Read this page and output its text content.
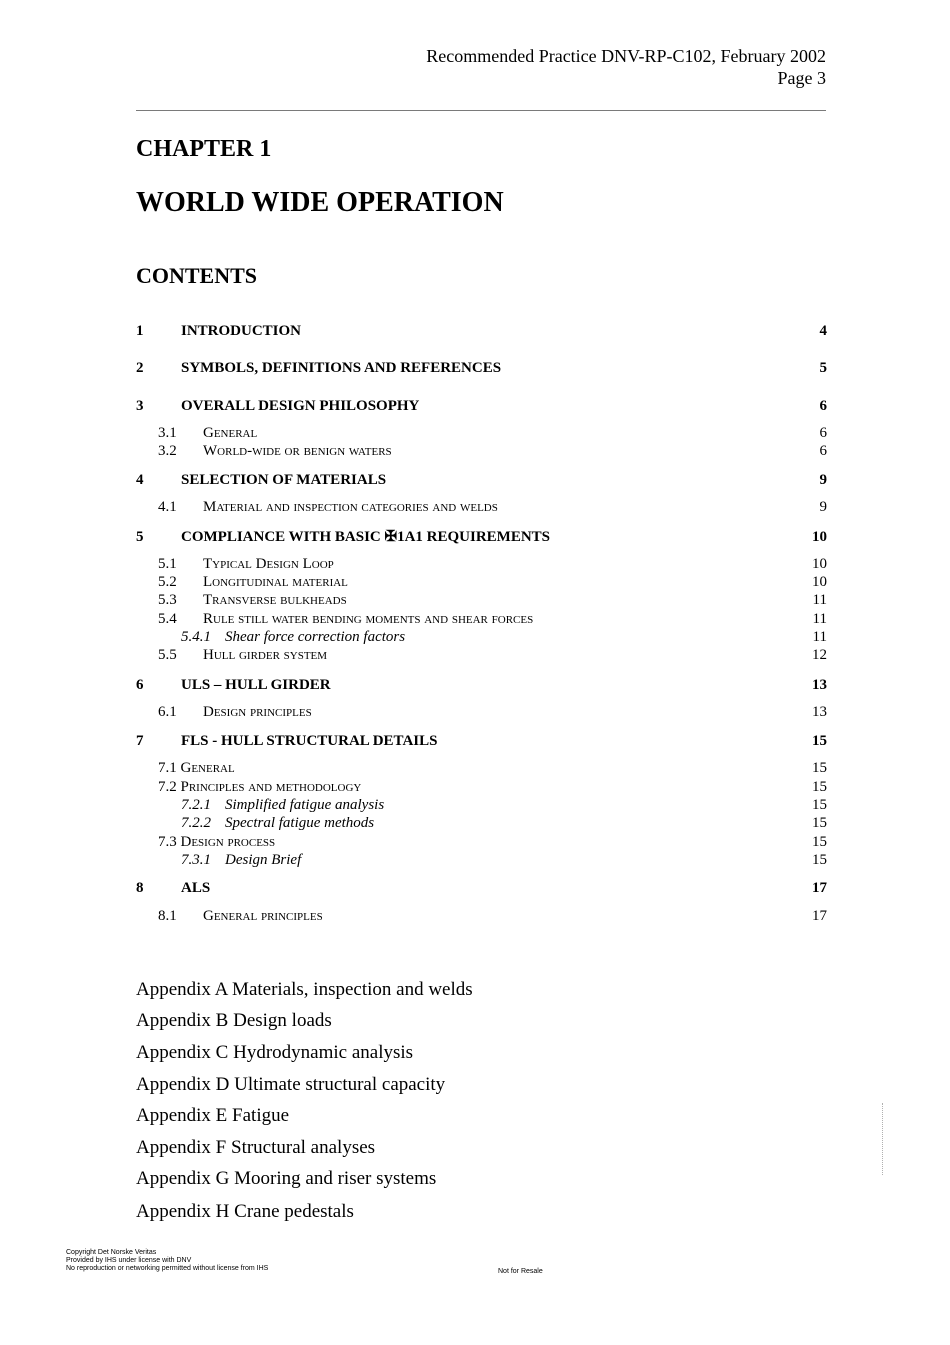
Recommended Practice DNV-RP-C102, February 2002
Page 3
CHAPTER 1
WORLD WIDE OPERATION
CONTENTS
1	INTRODUCTION	4
2	SYMBOLS, DEFINITIONS AND REFERENCES	5
3	OVERALL DESIGN PHILOSOPHY	6
3.1 General	6
3.2 World-wide or benign waters	6
4	SELECTION OF MATERIALS	9
4.1 Material and inspection categories and welds	9
5	COMPLIANCE WITH BASIC ✠1A1 REQUIREMENTS	10
5.1 Typical Design Loop	10
5.2 Longitudinal material	10
5.3 Transverse bulkheads	11
5.4 Rule still water bending moments and shear forces	11
5.4.1 Shear force correction factors	11
5.5 Hull girder system	12
6	ULS – HULL GIRDER	13
6.1 Design principles	13
7	FLS - HULL STRUCTURAL DETAILS	15
7.1 General	15
7.2 Principles and methodology	15
7.2.1 Simplified fatigue analysis	15
7.2.2 Spectral fatigue methods	15
7.3 Design process	15
7.3.1 Design Brief	15
8	ALS	17
8.1 General principles	17
Appendix A Materials, inspection and welds
Appendix B Design loads
Appendix C Hydrodynamic analysis
Appendix D Ultimate structural capacity
Appendix E Fatigue
Appendix F Structural analyses
Appendix G Mooring and riser systems
Appendix H Crane pedestals
Copyright Det Norske Veritas
Provided by IHS under license with DNV
No reproduction or networking permitted without license from IHS	Not for Resale
